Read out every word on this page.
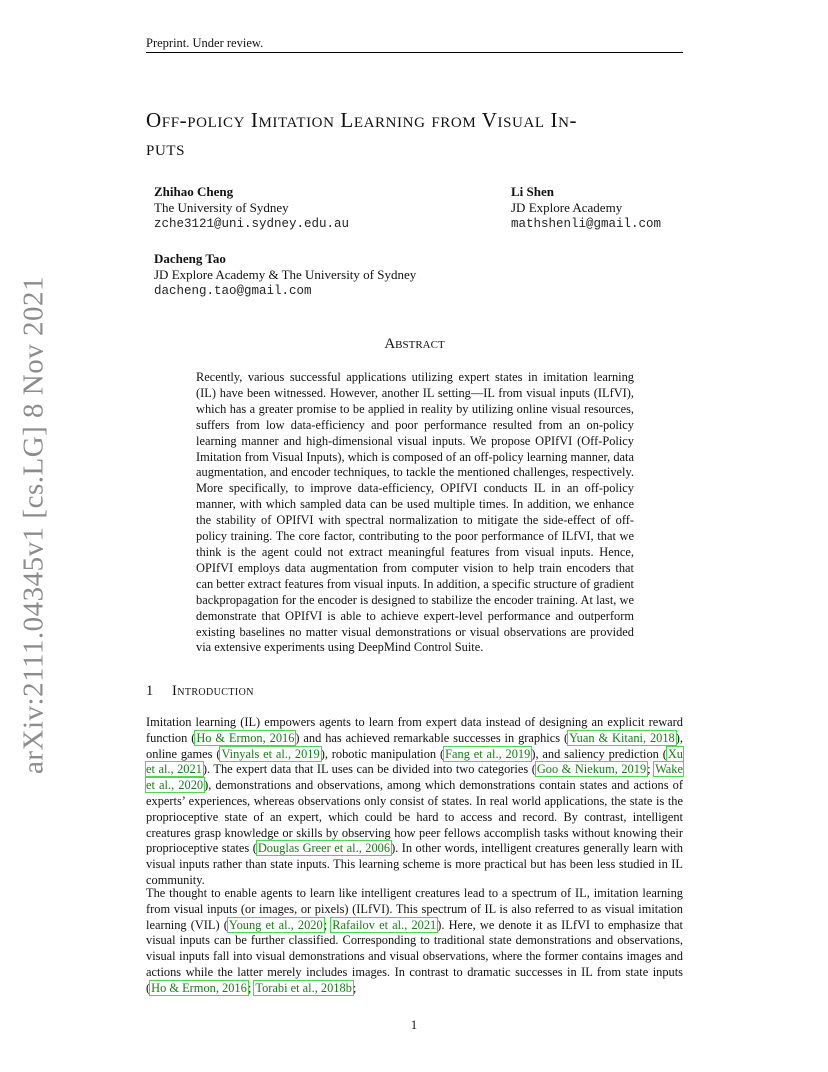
Preprint. Under review.
Off-policy Imitation Learning from Visual In-
puts
Zhihao Cheng
The University of Sydney
zche3121@uni.sydney.edu.au
Li Shen
JD Explore Academy
mathshenli@gmail.com
Dacheng Tao
JD Explore Academy & The University of Sydney
dacheng.tao@gmail.com
Abstract
Recently, various successful applications utilizing expert states in imitation learning (IL) have been witnessed. However, another IL setting—IL from visual inputs (ILfVI), which has a greater promise to be applied in reality by utilizing online visual resources, suffers from low data-efficiency and poor performance resulted from an on-policy learning manner and high-dimensional visual inputs. We propose OPIfVI (Off-Policy Imitation from Visual Inputs), which is composed of an off-policy learning manner, data augmentation, and encoder techniques, to tackle the mentioned challenges, respectively. More specifically, to improve data-efficiency, OPIfVI conducts IL in an off-policy manner, with which sampled data can be used multiple times. In addition, we enhance the stability of OPIfVI with spectral normalization to mitigate the side-effect of off-policy training. The core factor, contributing to the poor performance of ILfVI, that we think is the agent could not extract meaningful features from visual inputs. Hence, OPIfVI employs data augmentation from computer vision to help train encoders that can better extract features from visual inputs. In addition, a specific structure of gradient backpropagation for the encoder is designed to stabilize the encoder training. At last, we demonstrate that OPIfVI is able to achieve expert-level performance and outperform existing baselines no matter visual demonstrations or visual observations are provided via extensive experiments using DeepMind Control Suite.
1 Introduction
Imitation learning (IL) empowers agents to learn from expert data instead of designing an explicit reward function (Ho & Ermon, 2016) and has achieved remarkable successes in graphics (Yuan & Kitani, 2018), online games (Vinyals et al., 2019), robotic manipulation (Fang et al., 2019), and saliency prediction (Xu et al., 2021). The expert data that IL uses can be divided into two categories (Goo & Niekum, 2019; Wake et al., 2020), demonstrations and observations, among which demonstrations contain states and actions of experts’ experiences, whereas observations only consist of states. In real world applications, the state is the proprioceptive state of an expert, which could be hard to access and record. By contrast, intelligent creatures grasp knowledge or skills by observing how peer fellows accomplish tasks without knowing their proprioceptive states (Douglas Greer et al., 2006). In other words, intelligent creatures generally learn with visual inputs rather than state inputs. This learning scheme is more practical but has been less studied in IL community.
The thought to enable agents to learn like intelligent creatures lead to a spectrum of IL, imitation learning from visual inputs (or images, or pixels) (ILfVI). This spectrum of IL is also referred to as visual imitation learning (VIL) (Young et al., 2020; Rafailov et al., 2021). Here, we denote it as ILfVI to emphasize that visual inputs can be further classified. Corresponding to traditional state demonstrations and observations, visual inputs fall into visual demonstrations and visual observations, where the former contains images and actions while the latter merely includes images. In contrast to dramatic successes in IL from state inputs (Ho & Ermon, 2016; Torabi et al., 2018b;
arXiv:2111.04345v1 [cs.LG] 8 Nov 2021
1
